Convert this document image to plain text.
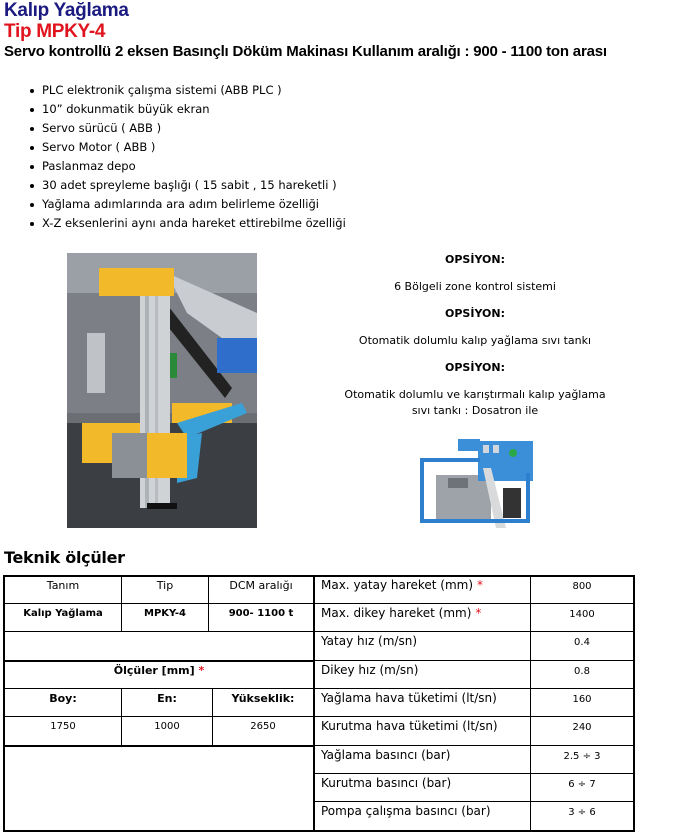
Kalıp Yağlama
Tip MPKY-4
Servo kontrollü 2 eksen Basınçlı Döküm Makinası Kullanım aralığı : 900 - 1100 ton arası
PLC elektronik çalışma sistemi (ABB PLC )
10” dokunmatik büyük ekran
Servo sürücü ( ABB )
Servo Motor ( ABB )
Paslanmaz depo
30 adet spreyleme başlığı ( 15 sabit , 15 hareketli )
Yağlama adımlarında ara adım belirleme özelliği
X-Z eksenlerini aynı anda hareket ettirebilme özelliği
OPSİYON:
6 Bölgeli zone kontrol sistemi
OPSİYON:
Otomatik dolumlu kalıp yağlama sıvı tankı
OPSİYON:
Otomatik dolumlu ve karıştırmalı kalıp yağlama
sıvı tankı : Dosatron ile
Teknik ölçüler
Tanım	Tip	DCM aralığı
Kalıp Yağlama	MPKY-4	900- 1100 t
Ölçüler [mm] *
Boy:	En:	Yükseklik:
1750	1000	2650
Max. yatay hareket (mm) *	800
Max. dikey hareket (mm) *	1400
Yatay hız (m/sn)	0.4
Dikey hız (m/sn)	0.8
Yağlama hava tüketimi (lt/sn)	160
Kurutma hava tüketimi (lt/sn)	240
Yağlama basıncı (bar)	2.5 ÷ 3
Kurutma basıncı (bar)	6 ÷ 7
Pompa çalışma basıncı (bar)	3 ÷ 6
